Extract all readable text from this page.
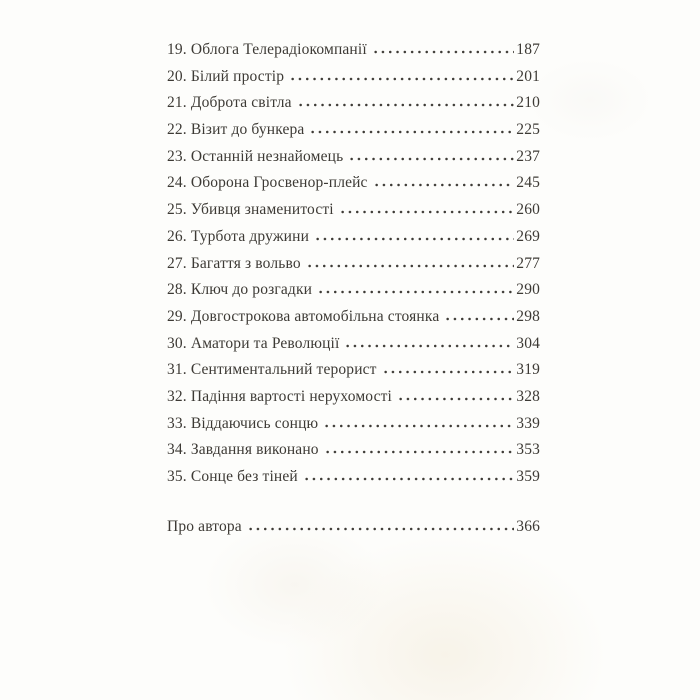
19. Облога Телерадіокомпанії	187
20. Білий простір	201
21. Доброта світла	210
22. Візит до бункера	225
23. Останній незнайомець	237
24. Оборона Гросвенор-плейс	245
25. Убивця знаменитості	260
26. Турбота дружини	269
27. Багаття з вольво	277
28. Ключ до розгадки	290
29. Довгострокова автомобільна стоянка	298
30. Аматори та Революції	304
31. Сентиментальний терорист	319
32. Падіння вартості нерухомості	328
33. Віддаючись сонцю	339
34. Завдання виконано	353
35. Сонце без тіней	359
Про автора	366
